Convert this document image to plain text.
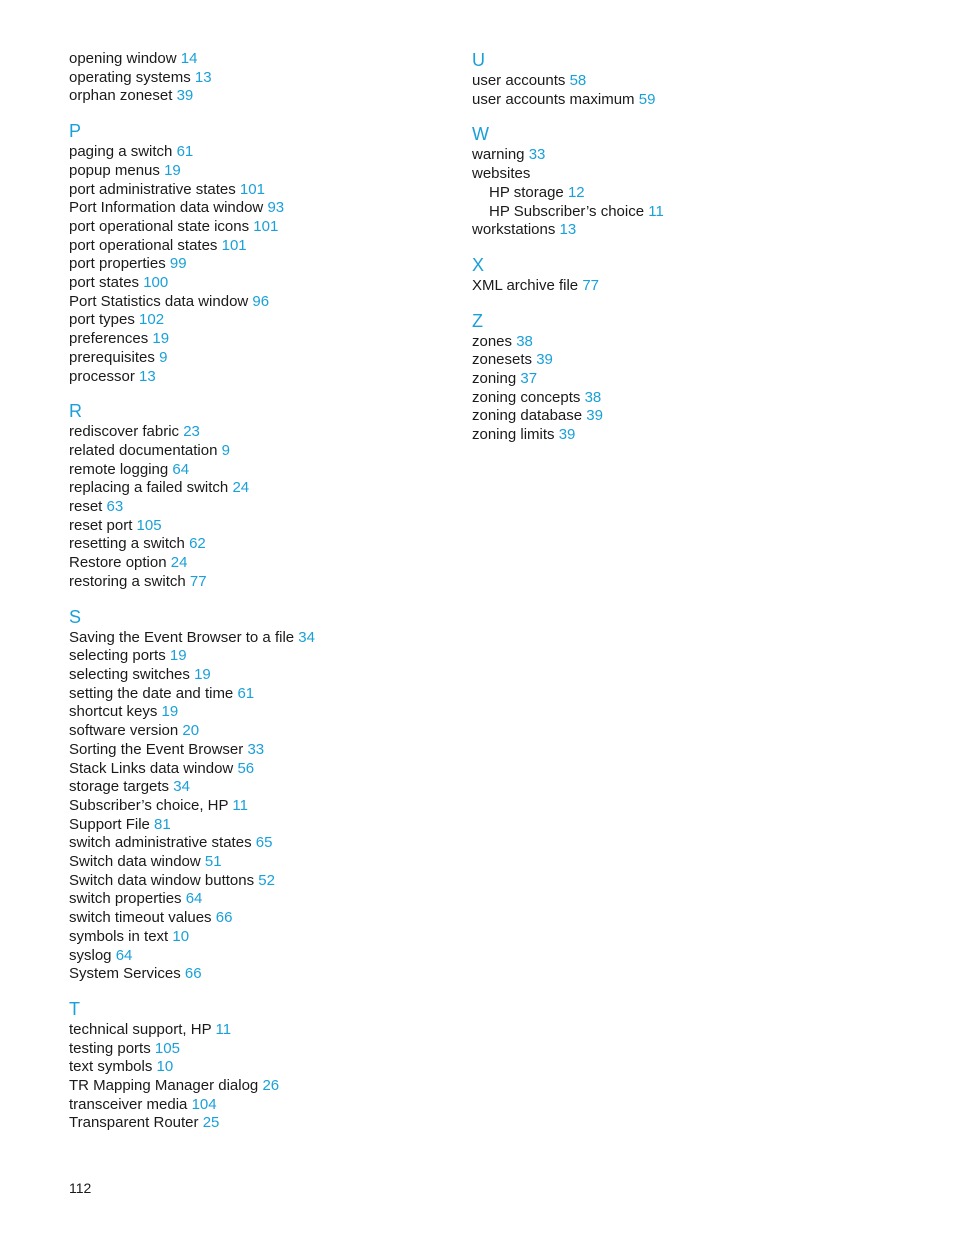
opening window 14
operating systems 13
orphan zoneset 39
P
paging a switch 61
popup menus 19
port administrative states 101
Port Information data window 93
port operational state icons 101
port operational states 101
port properties 99
port states 100
Port Statistics data window 96
port types 102
preferences 19
prerequisites 9
processor 13
R
rediscover fabric 23
related documentation 9
remote logging 64
replacing a failed switch 24
reset 63
reset port 105
resetting a switch 62
Restore option 24
restoring a switch 77
S
Saving the Event Browser to a file 34
selecting ports 19
selecting switches 19
setting the date and time 61
shortcut keys 19
software version 20
Sorting the Event Browser 33
Stack Links data window 56
storage targets 34
Subscriber’s choice, HP 11
Support File 81
switch administrative states 65
Switch data window 51
Switch data window buttons 52
switch properties 64
switch timeout values 66
symbols in text 10
syslog 64
System Services 66
T
technical support, HP 11
testing ports 105
text symbols 10
TR Mapping Manager dialog 26
transceiver media 104
Transparent Router 25
U
user accounts 58
user accounts maximum 59
W
warning 33
websites
HP storage 12
HP Subscriber’s choice 11
workstations 13
X
XML archive file 77
Z
zones 38
zonesets 39
zoning 37
zoning concepts 38
zoning database 39
zoning limits 39
112
